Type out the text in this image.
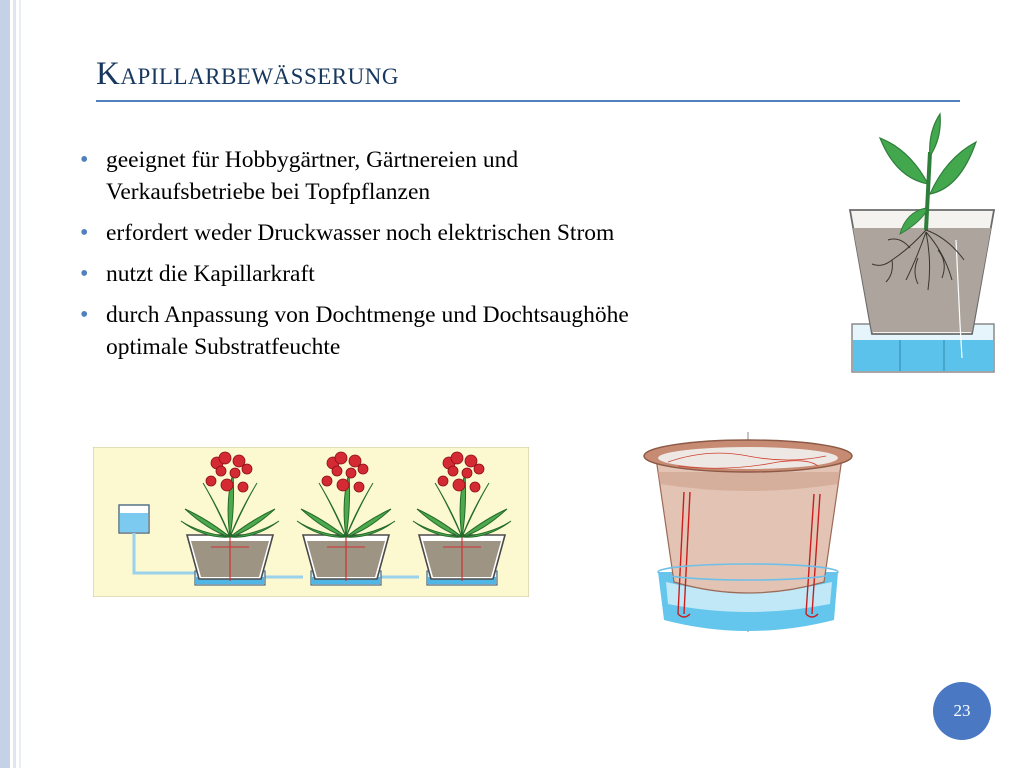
Kapillarbewässerung
• geeignet für Hobbygärtner, Gärtnereien und
Verkaufsbetriebe bei Topfpflanzen
• erfordert weder Druckwasser noch elektrischen Strom
• nutzt die Kapillarkraft
• durch Anpassung von Dochtmenge und Dochtsaughöhe
optimale Substratfeuchte
23
